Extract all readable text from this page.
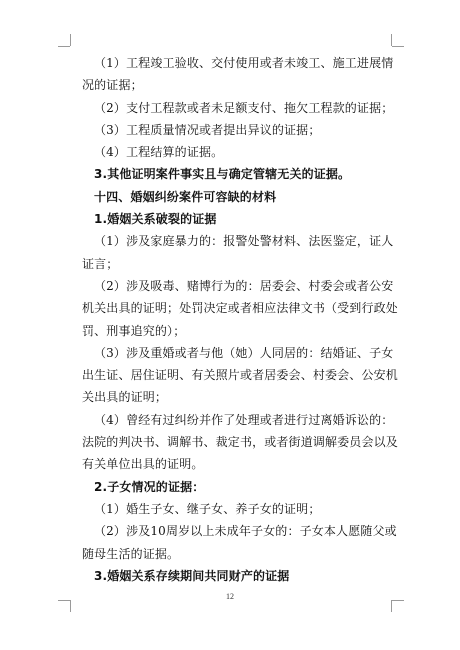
（1）工程竣工验收、交付使用或者未竣工、施工进展情
况的证据；
（2）支付工程款或者未足额支付、拖欠工程款的证据；
（3）工程质量情况或者提出异议的证据；
（4）工程结算的证据。
3.其他证明案件事实且与确定管辖无关的证据。
十四、婚姻纠纷案件可容缺的材料
1.婚姻关系破裂的证据
（1）涉及家庭暴力的：报警处警材料、法医鉴定，证人
证言；
（2）涉及吸毒、赌博行为的：居委会、村委会或者公安
机关出具的证明；处罚决定或者相应法律文书（受到行政处
罚、刑事追究的）；
（3）涉及重婚或者与他（她）人同居的：结婚证、子女
出生证、居住证明、有关照片或者居委会、村委会、公安机
关出具的证明；
（4）曾经有过纠纷并作了处理或者进行过离婚诉讼的：
法院的判决书、调解书、裁定书，或者街道调解委员会以及
有关单位出具的证明。
2.子女情况的证据：
（1）婚生子女、继子女、养子女的证明；
（2）涉及10周岁以上未成年子女的：子女本人愿随父或
随母生活的证据。
3.婚姻关系存续期间共同财产的证据
12
